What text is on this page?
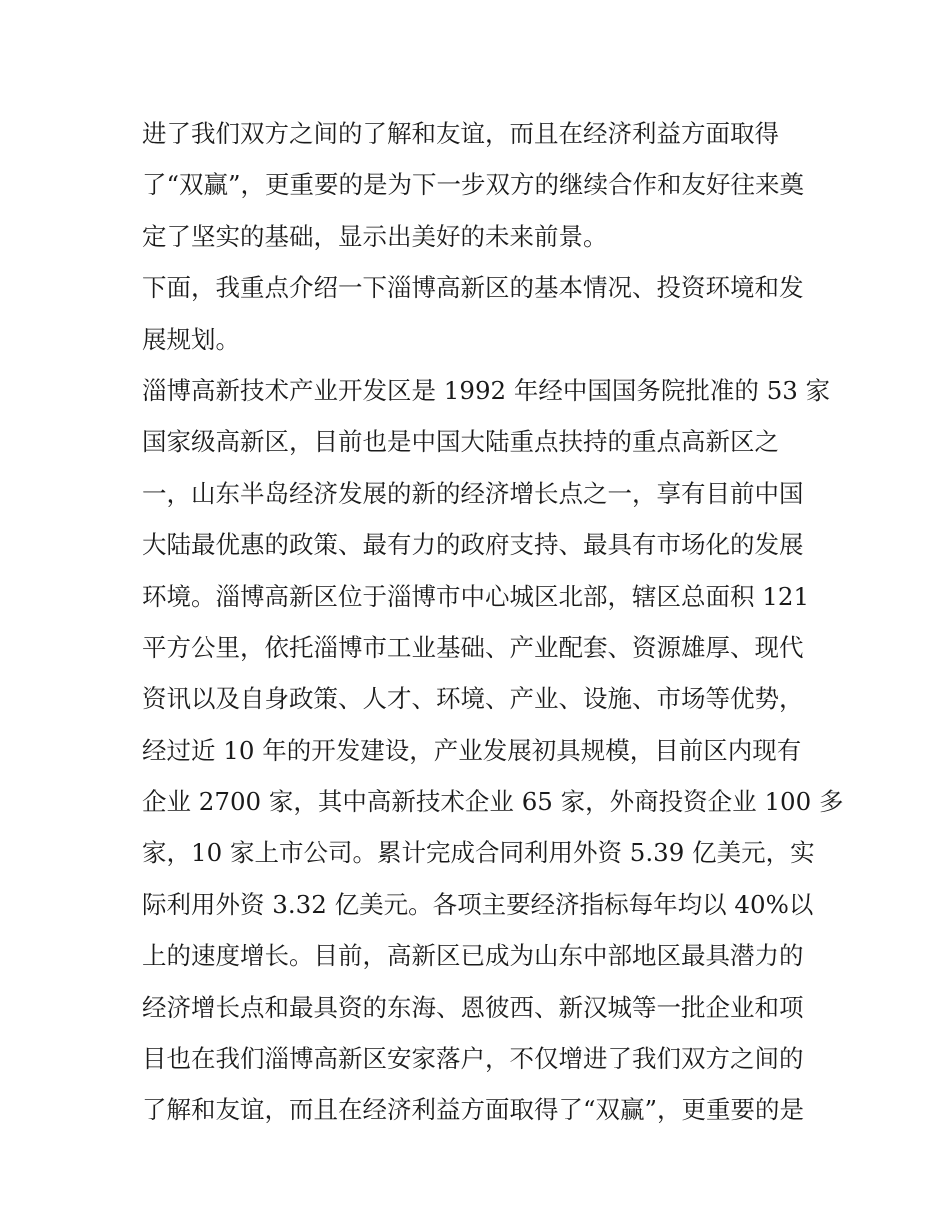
进了我们双方之间的了解和友谊，而且在经济利益方面取得
了“双赢”，更重要的是为下一步双方的继续合作和友好往来奠
定了坚实的基础，显示出美好的未来前景。
下面，我重点介绍一下淄博高新区的基本情况、投资环境和发
展规划。
淄博高新技术产业开发区是 1992 年经中国国务院批准的 53 家
国家级高新区，目前也是中国大陆重点扶持的重点高新区之
一，山东半岛经济发展的新的经济增长点之一，享有目前中国
大陆最优惠的政策、最有力的政府支持、最具有市场化的发展
环境。淄博高新区位于淄博市中心城区北部，辖区总面积 121
平方公里，依托淄博市工业基础、产业配套、资源雄厚、现代
资讯以及自身政策、人才、环境、产业、设施、市场等优势，
经过近 10 年的开发建设，产业发展初具规模，目前区内现有
企业 2700 家，其中高新技术企业 65 家，外商投资企业 100 多
家，10 家上市公司。累计完成合同利用外资 5.39 亿美元，实
际利用外资 3.32 亿美元。各项主要经济指标每年均以 40%以
上的速度增长。目前，高新区已成为山东中部地区最具潜力的
经济增长点和最具资的东海、恩彼西、新汉城等一批企业和项
目也在我们淄博高新区安家落户，不仅增进了我们双方之间的
了解和友谊，而且在经济利益方面取得了“双赢”，更重要的是
